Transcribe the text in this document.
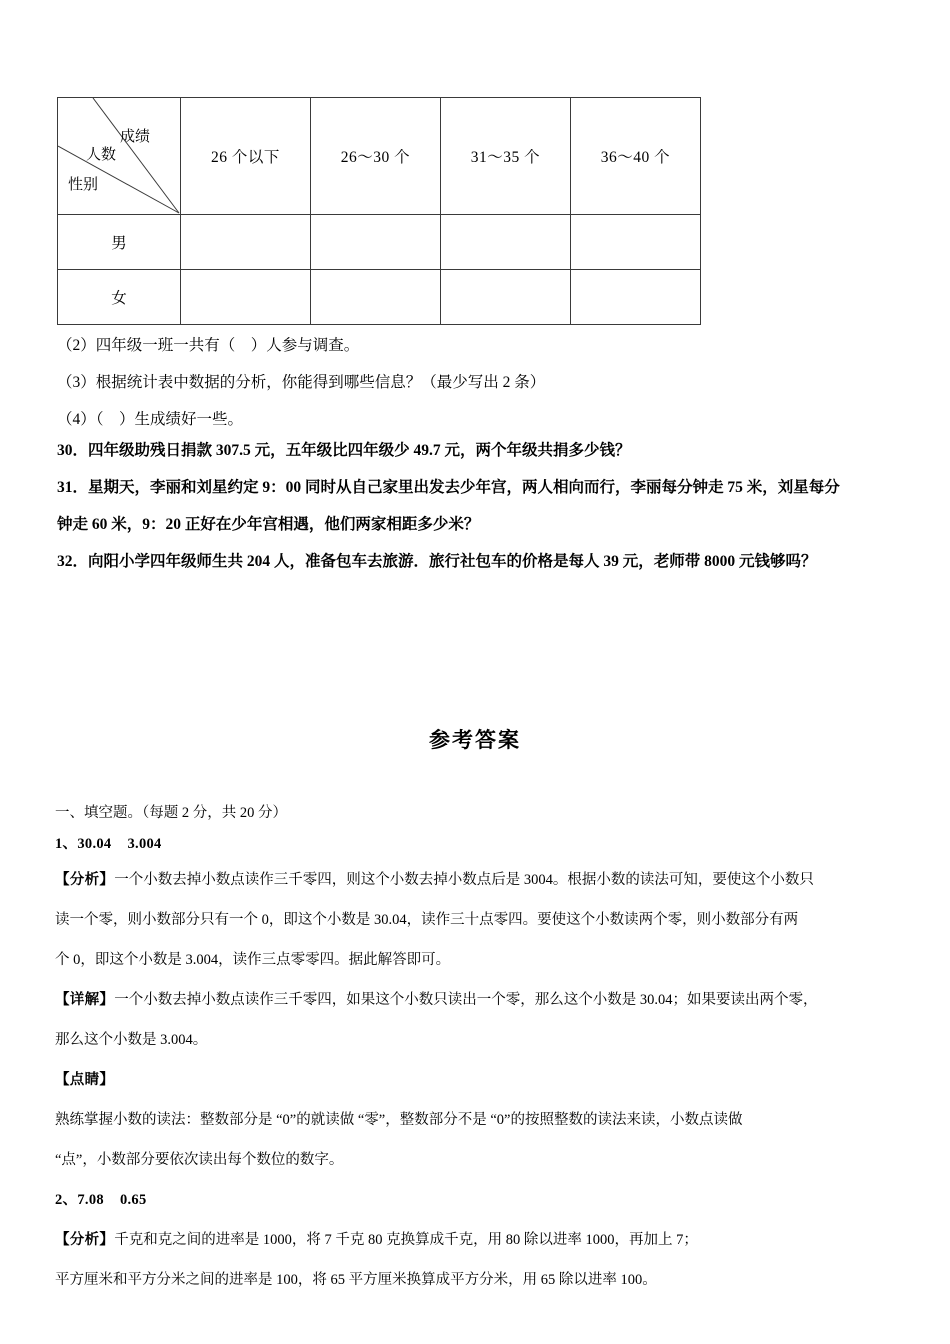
成绩
人数
性别	26 个以下	26～30 个	31～35 个	36～40 个
男				
女				
（2）四年级一班一共有（　）人参与调查。
（3）根据统计表中数据的分析，你能得到哪些信息？（最少写出 2 条）
（4）（　）生成绩好一些。
30．四年级助残日捐款 307.5 元，五年级比四年级少 49.7 元，两个年级共捐多少钱？
31．星期天，李丽和刘星约定 9：00 同时从自己家里出发去少年宫，两人相向而行，李丽每分钟走 75 米，刘星每分
钟走 60 米，9：20 正好在少年宫相遇，他们两家相距多少米？
32．向阳小学四年级师生共 204 人，准备包车去旅游．旅行社包车的价格是每人 39 元，老师带 8000 元钱够吗？
参考答案
一、填空题。（每题 2 分，共 20 分）
1、30.04 3.004
【分析】一个小数去掉小数点读作三千零四，则这个小数去掉小数点后是 3004。根据小数的读法可知，要使这个小数只
读一个零，则小数部分只有一个 0，即这个小数是 30.04，读作三十点零四。要使这个小数读两个零，则小数部分有两
个 0，即这个小数是 3.004，读作三点零零四。据此解答即可。
【详解】一个小数去掉小数点读作三千零四，如果这个小数只读出一个零，那么这个小数是 30.04；如果要读出两个零，
那么这个小数是 3.004。
【点睛】
熟练掌握小数的读法：整数部分是 “0”的就读做 “零”，整数部分不是 “0”的按照整数的读法来读，小数点读做
“点”，小数部分要依次读出每个数位的数字。
2、7.08 0.65
【分析】千克和克之间的进率是 1000，将 7 千克 80 克换算成千克，用 80 除以进率 1000，再加上 7；
平方厘米和平方分米之间的进率是 100，将 65 平方厘米换算成平方分米，用 65 除以进率 100。
